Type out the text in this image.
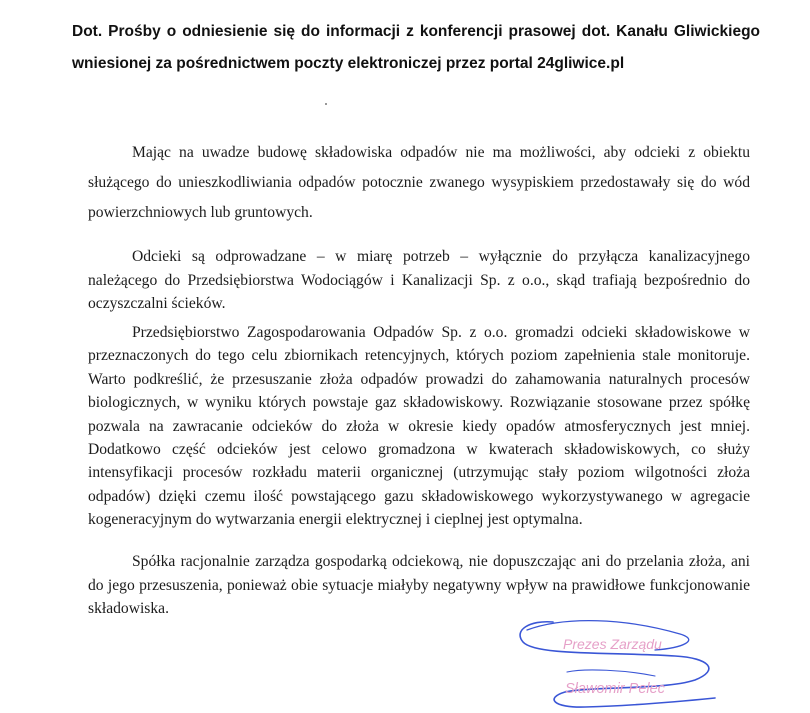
Dot. Prośby o odniesienie się do informacji z konferencji prasowej dot. Kanału Gliwickiego wniesionej za pośrednictwem poczty elektroniczej przez portal 24gliwice.pl
Mając na uwadze budowę składowiska odpadów nie ma możliwości, aby odcieki z obiektu służącego do unieszkodliwiania odpadów potocznie zwanego wysypiskiem przedostawały się do wód powierzchniowych lub gruntowych.
Odcieki są odprowadzane – w miarę potrzeb – wyłącznie do przyłącza kanalizacyjnego należącego do Przedsiębiorstwa Wodociągów i Kanalizacji Sp. z o.o., skąd trafiają bezpośrednio do oczyszczalni ścieków.
Przedsiębiorstwo Zagospodarowania Odpadów Sp. z o.o. gromadzi odcieki składowiskowe w przeznaczonych do tego celu zbiornikach retencyjnych, których poziom zapełnienia stale monitoruje. Warto podkreślić, że przesuszanie złoża odpadów prowadzi do zahamowania naturalnych procesów biologicznych, w wyniku których powstaje gaz składowiskowy. Rozwiązanie stosowane przez spółkę pozwala na zawracanie odcieków do złoża w okresie kiedy opadów atmosferycznych jest mniej. Dodatkowo część odcieków jest celowo gromadzona w kwaterach składowiskowych, co służy intensyfikacji procesów rozkładu materii organicznej (utrzymując stały poziom wilgotności złoża odpadów) dzięki czemu ilość powstającego gazu składowiskowego wykorzystywanego w agregacie kogeneracyjnym do wytwarzania energii elektrycznej i cieplnej jest optymalna.
Spółka racjonalnie zarządza gospodarką odciekową, nie dopuszczając ani do przelania złoża, ani do jego przesuszenia, ponieważ obie sytuacje miałyby negatywny wpływ na prawidłowe funkcjonowanie składowiska.
Prezes Zarządu
Sławomir Pelec
